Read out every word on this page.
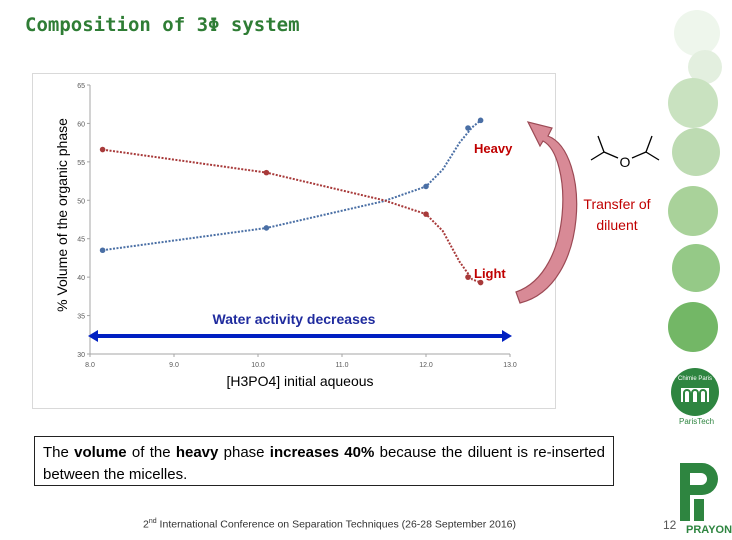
Composition of 3Φ system
% Volume of the organic phase
30
35
40
45
50
55
60
65
8.0	9.0	10.0	11.0	12.0	13.0
[H3PO4] initial aqueous
Heavy
Light
Water activity decreases
Transfer of diluent
O
The volume of the heavy phase increases 40% because the diluent is re-inserted between the micelles.
2nd International Conference on Separation Techniques (26-28 September 2016)	12
Chimie Paris
ParisTech
PRAYON
